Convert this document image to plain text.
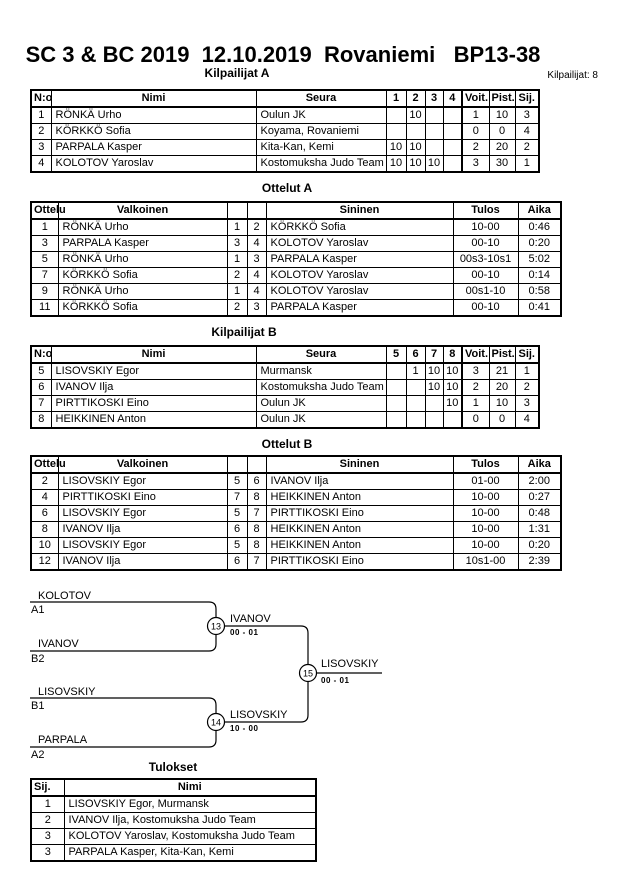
SC 3 & BC 2019  12.10.2019  Rovaniemi   BP13-38
Kilpailijat A	Kilpailijat: 8
N:o	Nimi	Seura	1	2	3	4	Voit.	Pist.	Sij.
1	RÖNKÄ Urho	Oulun JK		10			1	10	3
2	KÖRKKÖ Sofia	Koyama, Rovaniemi					0	0	4
3	PARPALA Kasper	Kita-Kan, Kemi	10	10			2	20	2
4	KOLOTOV Yaroslav	Kostomuksha Judo Team	10	10	10		3	30	1
Ottelut A
Ottelu	Valkoinen			Sininen	Tulos	Aika
1	RÖNKÄ Urho	1	2	KÖRKKÖ Sofia	10-00	0:46
3	PARPALA Kasper	3	4	KOLOTOV Yaroslav	00-10	0:20
5	RÖNKÄ Urho	1	3	PARPALA Kasper	00s3-10s1	5:02
7	KÖRKKÖ Sofia	2	4	KOLOTOV Yaroslav	00-10	0:14
9	RÖNKÄ Urho	1	4	KOLOTOV Yaroslav	00s1-10	0:58
11	KÖRKKÖ Sofia	2	3	PARPALA Kasper	00-10	0:41
Kilpailijat B
N:o	Nimi	Seura	5	6	7	8	Voit.	Pist.	Sij.
5	LISOVSKIY Egor	Murmansk		1	10	10	3	21	1
6	IVANOV Ilja	Kostomuksha Judo Team			10	10	2	20	2
7	PIRTTIKOSKI Eino	Oulun JK				10	1	10	3
8	HEIKKINEN Anton	Oulun JK					0	0	4
Ottelut B
Ottelu	Valkoinen			Sininen	Tulos	Aika
2	LISOVSKIY Egor	5	6	IVANOV Ilja	01-00	2:00
4	PIRTTIKOSKI Eino	7	8	HEIKKINEN Anton	10-00	0:27
6	LISOVSKIY Egor	5	7	PIRTTIKOSKI Eino	10-00	0:48
8	IVANOV Ilja	6	8	HEIKKINEN Anton	10-00	1:31
10	LISOVSKIY Egor	5	8	HEIKKINEN Anton	10-00	0:20
12	IVANOV Ilja	6	7	PIRTTIKOSKI Eino	10s1-00	2:39
13
14
15
KOLOTOV
A1
IVANOV
B2
IVANOV
00 - 01
LISOVSKIY
B1
PARPALA
A2
LISOVSKIY
10 - 00
LISOVSKIY
00 - 01
Tulokset
Sij.	Nimi
1	LISOVSKIY Egor, Murmansk
2	IVANOV Ilja, Kostomuksha Judo Team
3	KOLOTOV Yaroslav, Kostomuksha Judo Team
3	PARPALA Kasper, Kita-Kan, Kemi
